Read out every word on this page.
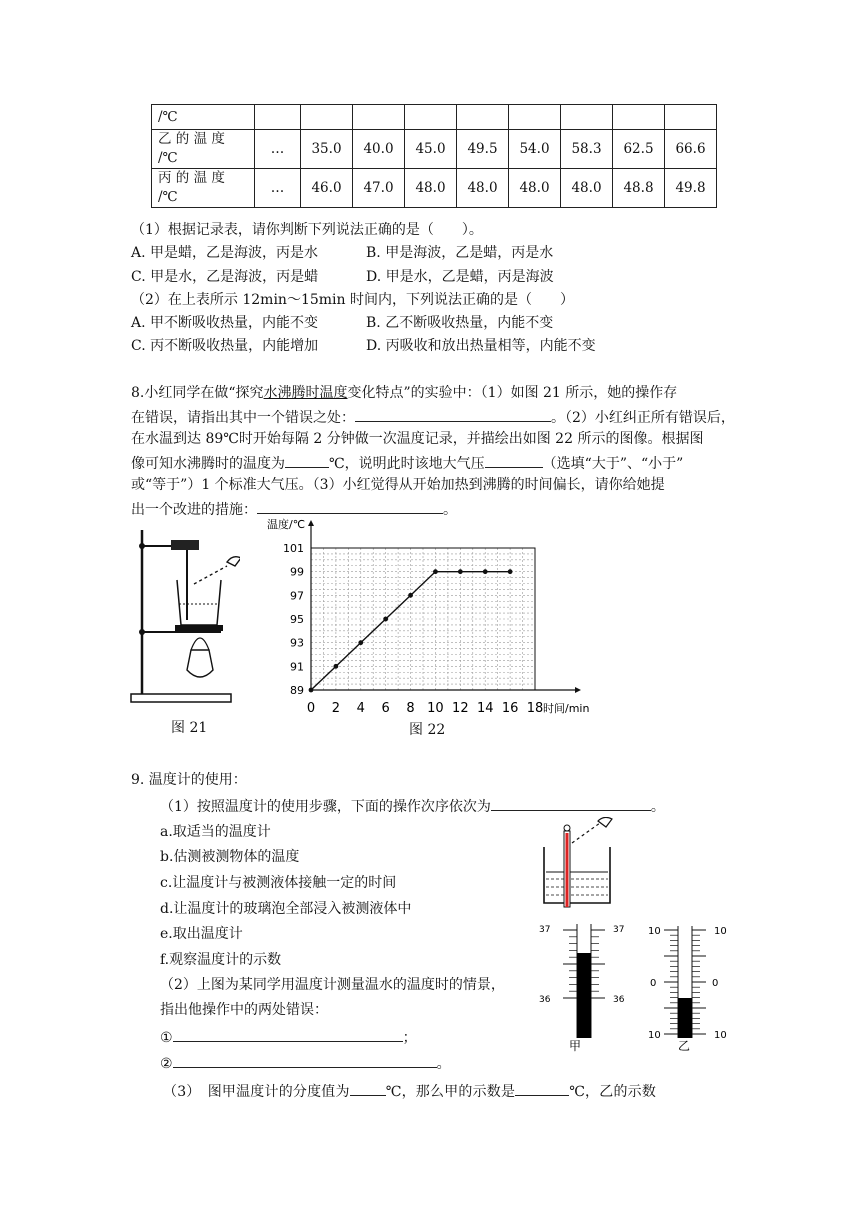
/℃									

乙 的 温 度
/℃	…	35.0	40.0	45.0	49.5	54.0	58.3	62.5	66.6

丙 的 温 度
/℃	…	46.0	47.0	48.0	48.0	48.0	48.0	48.8	49.8
（1）根据记录表，请你判断下列说法正确的是（　　）。
A. 甲是蜡，乙是海波，丙是水	B. 甲是海波，乙是蜡，丙是水
C. 甲是水，乙是海波，丙是蜡	D. 甲是水，乙是蜡，丙是海波
（2）在上表所示 12min～15min 时间内，下列说法正确的是（　　）
A. 甲不断吸收热量，内能不变	B. 乙不断吸收热量，内能不变
C. 丙不断吸收热量，内能增加	D. 丙吸收和放出热量相等，内能不变
8.小红同学在做“探究水沸腾时温度变化特点”的实验中：（1）如图 21 所示，她的操作存
在错误，请指出其中一个错误之处：	。（2）小红纠正所有错误后，
在水温到达 89℃时开始每隔 2 分钟做一次温度记录，并描绘出如图 22 所示的图像。根据图
像可知水沸腾时的温度为	℃，说明此时该地大气压	（选填“大于”、“小于”
或“等于”）1 个标准大气压。（3）小红觉得从开始加热到沸腾的时间偏长，请你给她提
出一个改进的措施：	。
图 21
0 2 4 6 8 10 12 14 16 18
89
91
93
95
97
99
101
温度/℃
时间/min
图 22
9. 温度计的使用：
（1）按照温度计的使用步骤，下面的操作次序依次为	。
a.取适当的温度计
b.估测被测物体的温度
c.让温度计与被测液体接触一定的时间
d.让温度计的玻璃泡全部浸入被测液体中
e.取出温度计
f.观察温度计的示数
（2）上图为某同学用温度计测量温水的温度时的情景，
指出他操作中的两处错误：
①	；
②	。
（3）　图甲温度计的分度值为	℃，那么甲的示数是	℃，乙的示数
37	37
36	36
甲
10	10
0	0
10	10
乙
